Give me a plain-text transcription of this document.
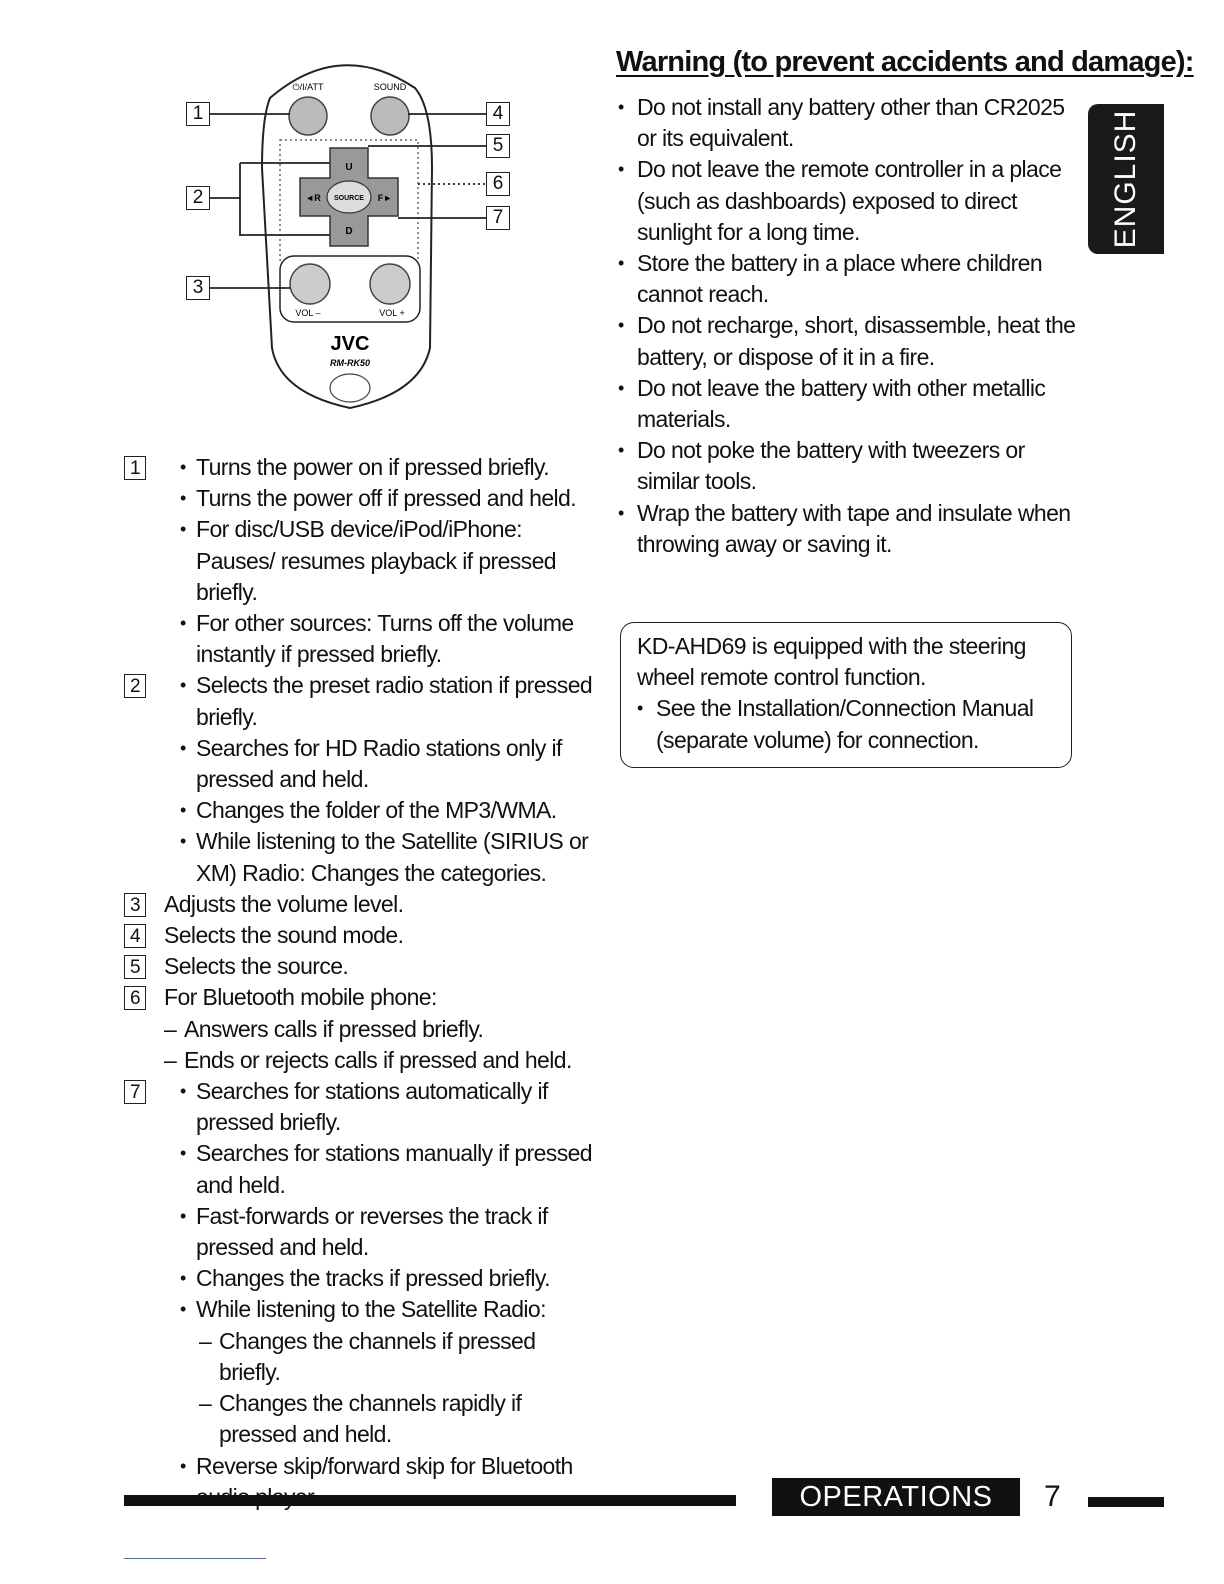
⏻/I/ATT	SOUND
U
D
◄R	F►
SOURCE
VOL –	VOL +
JVC
RM-RK50
1
2
3
4
5
6
7
1	• Turns the power on if pressed briefly.
• Turns the power off if pressed and held.
• For disc/USB device/iPod/iPhone: Pauses/ resumes playback if pressed briefly.
• For other sources: Turns off the volume instantly if pressed briefly.
2	• Selects the preset radio station if pressed briefly.
• Searches for HD Radio stations only if pressed and held.
• Changes the folder of the MP3/WMA.
• While listening to the Satellite (SIRIUS or XM) Radio: Changes the categories.
3 Adjusts the volume level.
4 Selects the sound mode.
5 Selects the source.
6 For Bluetooth mobile phone:
– Answers calls if pressed briefly.
– Ends or rejects calls if pressed and held.
7	• Searches for stations automatically if pressed briefly.
• Searches for stations manually if pressed and held.
• Fast-forwards or reverses the track if pressed and held.
• Changes the tracks if pressed briefly.
• While listening to the Satellite Radio:
– Changes the channels if pressed briefly.
– Changes the channels rapidly if pressed and held.
• Reverse skip/forward skip for Bluetooth
Warning (to prevent accidents and damage):
• Do not install any battery other than CR2025 or its equivalent.
• Do not leave the remote controller in a place (such as dashboards) exposed to direct sunlight for a long time.
• Store the battery in a place where children cannot reach.
• Do not recharge, short, disassemble, heat the battery, or dispose of it in a fire.
• Do not leave the battery with other metallic materials.
• Do not poke the battery with tweezers or similar tools.
• Wrap the battery with tape and insulate when throwing away or saving it.
KD-AHD69 is equipped with the steering wheel remote control function.
• See the Installation/Connection Manual (separate volume) for connection.
ENGLISH
OPERATIONS	7
